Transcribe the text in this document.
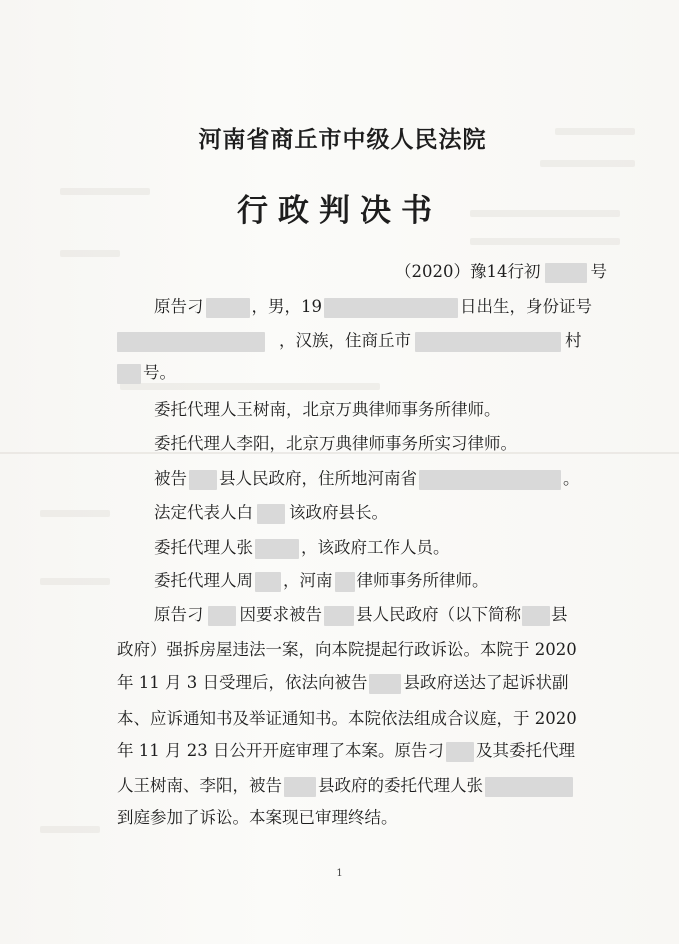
河南省商丘市中级人民法院
行政判决书
（2020）豫14行初	号
原告刁	，男，19	日出生，身份证号
，汉族，住商丘市	村
号。
委托代理人王树南，北京万典律师事务所律师。
委托代理人李阳，北京万典律师事务所实习律师。
被告 县人民政府，住所地河南省	。
法定代表人白 该政府县长。
委托代理人张	，该政府工作人员。
委托代理人周 ，河南 律师事务所律师。
原告刁 因要求被告 县人民政府（以下简称 县
政府）强拆房屋违法一案，向本院提起行政诉讼。本院于 2020
年 11 月 3 日受理后，依法向被告 县政府送达了起诉状副
本、应诉通知书及举证通知书。本院依法组成合议庭，于 2020
年 11 月 23 日公开开庭审理了本案。原告刁 及其委托代理
人王树南、李阳，被告 县政府的委托代理人张
到庭参加了诉讼。本案现已审理终结。
1
